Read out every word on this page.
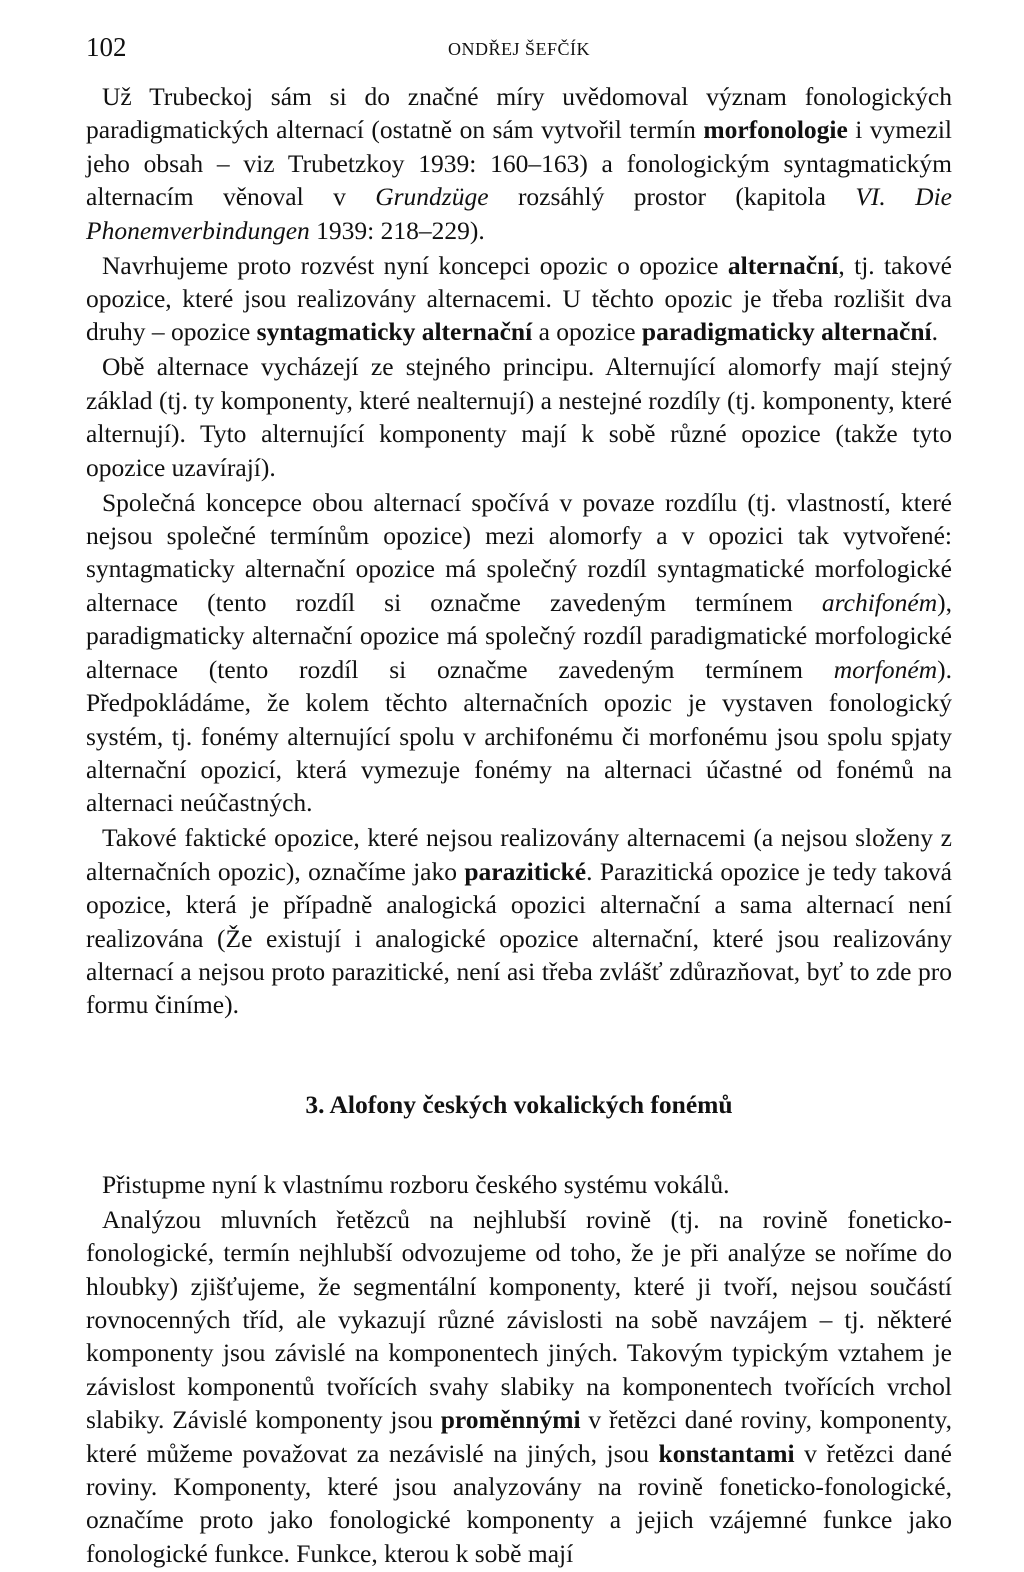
102	ONDŘEJ ŠEFČÍK

Už Trubeckoj sám si do značné míry uvědomoval význam fonologických paradigmatických alternací (ostatně on sám vytvořil termín morfonologie i vymezil jeho obsah – viz Trubetzkoy 1939: 160–163) a fonologickým syntagmatickým alternacím věnoval v Grundzüge rozsáhlý prostor (kapitola VI. Die Phonemverbindungen 1939: 218–229).

Navrhujeme proto rozvést nyní koncepci opozic o opozice alternační, tj. takové opozice, které jsou realizovány alternacemi. U těchto opozic je třeba rozlišit dva druhy – opozice syntagmaticky alternační a opozice paradigmaticky alternační.

Obě alternace vycházejí ze stejného principu. Alternující alomorfy mají stejný základ (tj. ty komponenty, které nealternují) a nestejné rozdíly (tj. komponenty, které alternují). Tyto alternující komponenty mají k sobě různé opozice (takže tyto opozice uzavírají).

Společná koncepce obou alternací spočívá v povaze rozdílu (tj. vlastností, které nejsou společné termínům opozice) mezi alomorfy a v opozici tak vytvořené: syntagmaticky alternační opozice má společný rozdíl syntagmatické morfologické alternace (tento rozdíl si označme zavedeným termínem archifoném), paradigmaticky alternační opozice má společný rozdíl paradigmatické morfologické alternace (tento rozdíl si označme zavedeným termínem morfoném). Předpokládáme, že kolem těchto alternačních opozic je vystaven fonologický systém, tj. fonémy alternující spolu v archifonému či morfonému jsou spolu spjaty alternační opozicí, která vymezuje fonémy na alternaci účastné od fonémů na alternaci neúčastných.

Takové faktické opozice, které nejsou realizovány alternacemi (a nejsou složeny z alternačních opozic), označíme jako parazitické. Parazitická opozice je tedy taková opozice, která je případně analogická opozici alternační a sama alternací není realizována (Že existují i analogické opozice alternační, které jsou realizovány alternací a nejsou proto parazitické, není asi třeba zvlášť zdůrazňovat, byť to zde pro formu činíme).

3. Alofony českých vokalických fonémů

Přistupme nyní k vlastnímu rozboru českého systému vokálů.

Analýzou mluvních řetězců na nejhlubší rovině (tj. na rovině foneticko-fonologické, termín nejhlubší odvozujeme od toho, že je při analýze se noříme do hloubky) zjišťujeme, že segmentální komponenty, které ji tvoří, nejsou součástí rovnocenných tříd, ale vykazují různé závislosti na sobě navzájem – tj. některé komponenty jsou závislé na komponentech jiných. Takovým typickým vztahem je závislost komponentů tvořících svahy slabiky na komponentech tvořících vrchol slabiky. Závislé komponenty jsou proměnnými v řetězci dané roviny, komponenty, které můžeme považovat za nezávislé na jiných, jsou konstantami v řetězci dané roviny. Komponenty, které jsou analyzovány na rovině foneticko-fonologické, označíme proto jako fonologické komponenty a jejich vzájemné funkce jako fonologické funkce. Funkce, kterou k sobě mají
